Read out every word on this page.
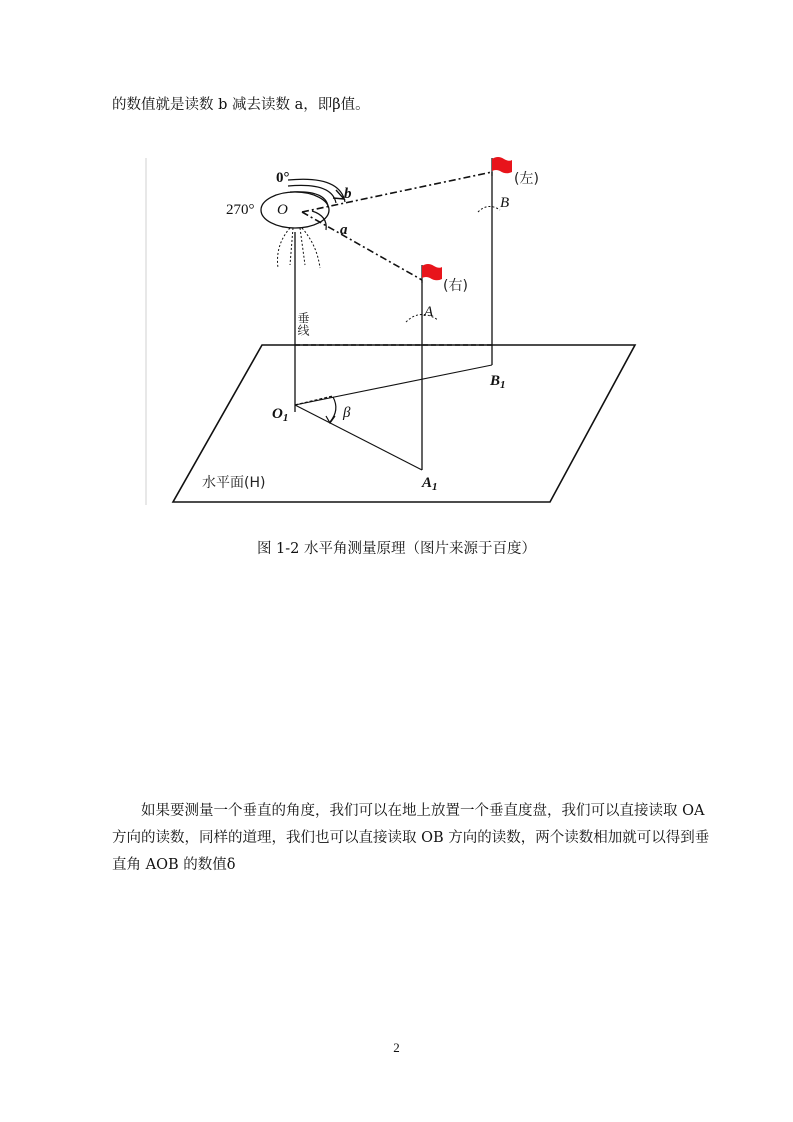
的数值就是读数 b 减去读数 a，即β值。

0°
270° O
b
a
B
(左)
(右)
A
$B_1$
$O_1$	β
$A_1$
水平面(H)
垂线
图 1-2 水平角测量原理（图片来源于百度）

如果要测量一个垂直的角度，我们可以在地上放置一个垂直度盘，我们可以直接读取 OA 方向的读数，同样的道理，我们也可以直接读取 OB 方向的读数，两个读数相加就可以得到垂直角 AOB 的数值δ

2
